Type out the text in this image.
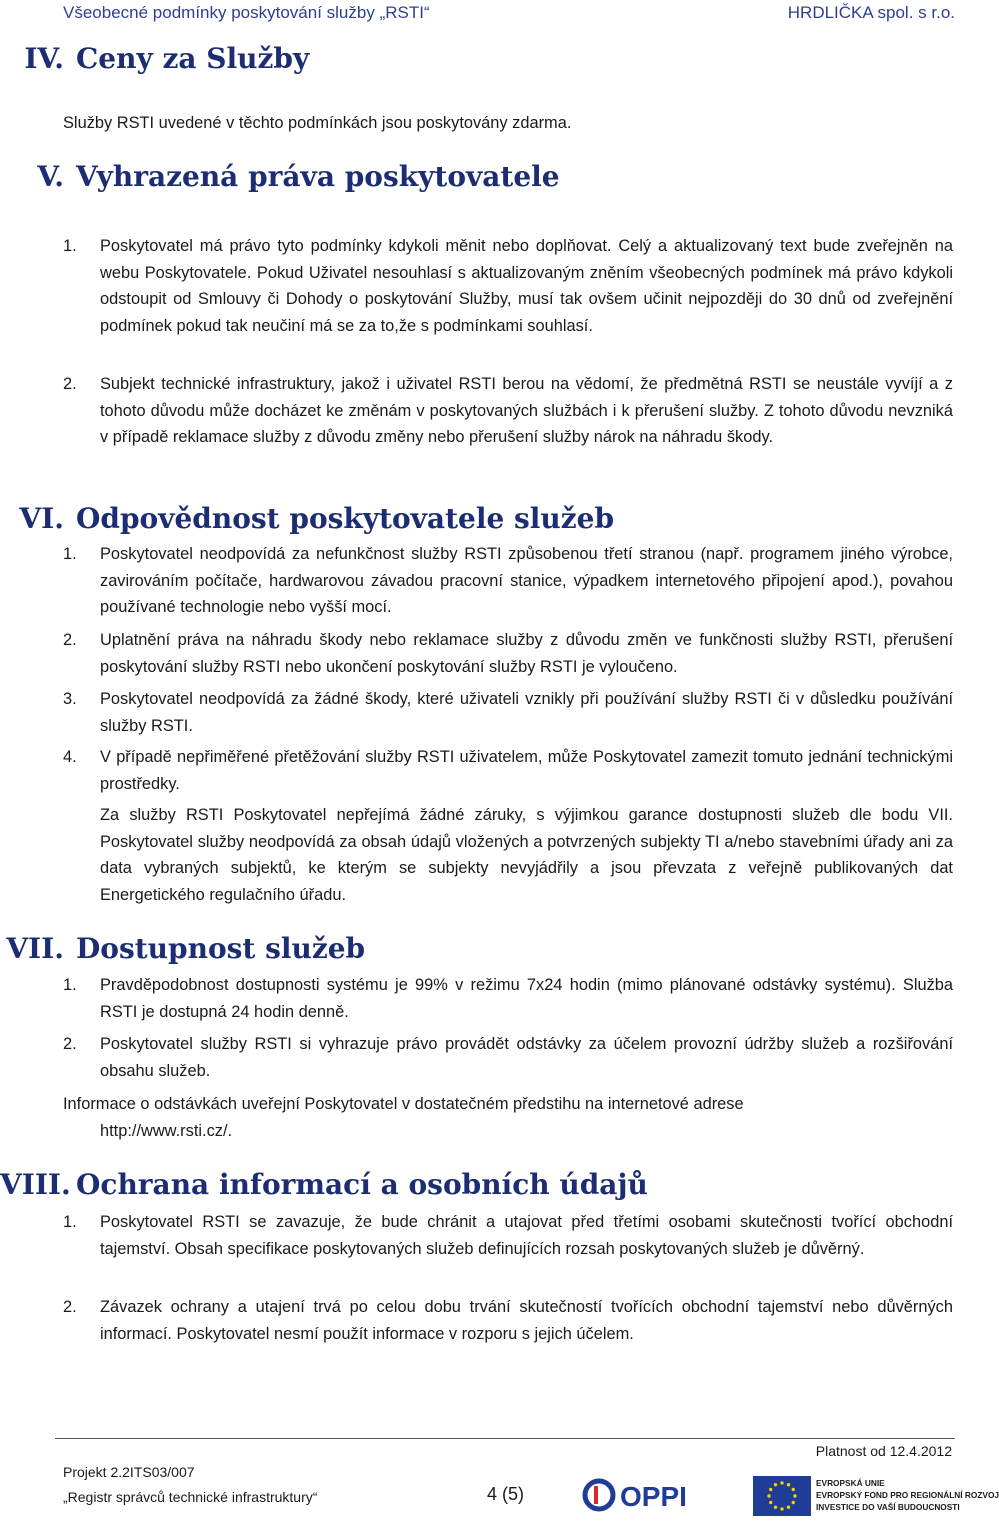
Všeobecné podmínky poskytování služby „RSTI“	HRDLIČKA spol. s r.o.
IV. Ceny za Služby

Služby RSTI uvedené v těchto podmínkách jsou poskytovány zdarma.

V. Vyhrazená práva poskytovatele
1. Poskytovatel má právo tyto podmínky kdykoli měnit nebo doplňovat. Celý a aktualizovaný text bude zveřejněn na webu Poskytovatele. Pokud Uživatel nesouhlasí s aktualizovaným zněním všeobecných podmínek má právo kdykoli odstoupit od Smlouvy či Dohody o poskytování Služby, musí tak ovšem učinit nejpozději do 30 dnů od zveřejnění podmínek pokud tak neučiní má se za to,že s podmínkami souhlasí.
2. Subjekt technické infrastruktury, jakož i uživatel RSTI berou na vědomí, že předmětná RSTI se neustále vyvíjí a z tohoto důvodu může docházet ke změnám v poskytovaných službách i k přerušení služby. Z tohoto důvodu nevzniká v případě reklamace služby z důvodu změny nebo přerušení služby nárok na náhradu škody.
VI. Odpovědnost poskytovatele služeb
1. Poskytovatel neodpovídá za nefunkčnost služby RSTI způsobenou třetí stranou (např. programem jiného výrobce, zavirováním počítače, hardwarovou závadou pracovní stanice, výpadkem internetového připojení apod.), povahou používané technologie nebo vyšší mocí.
2. Uplatnění práva na náhradu škody nebo reklamace služby z důvodu změn ve funkčnosti služby RSTI, přerušení poskytování služby RSTI nebo ukončení poskytování služby RSTI je vyloučeno.
3. Poskytovatel neodpovídá za žádné škody, které uživateli vznikly při používání služby RSTI či v důsledku používání služby RSTI.
4. V případě nepřiměřené přetěžování služby RSTI uživatelem, může Poskytovatel zamezit tomuto jednání technickými prostředky.

Za služby RSTI Poskytovatel nepřejímá žádné záruky, s výjimkou garance dostupnosti služeb dle bodu VII. Poskytovatel služby neodpovídá za obsah údajů vložených a potvrzených subjekty TI a/nebo stavebními úřady ani za data vybraných subjektů, ke kterým se subjekty nevyjádřily a jsou převzata z veřejně publikovaných dat Energetického regulačního úřadu.

VII. Dostupnost služeb
1. Pravděpodobnost dostupnosti systému je 99% v režimu 7x24 hodin (mimo plánované odstávky systému). Služba RSTI je dostupná 24 hodin denně.
2. Poskytovatel služby RSTI si vyhrazuje právo provádět odstávky za účelem provozní údržby služeb a rozšiřování obsahu služeb.

Informace o odstávkách uveřejní Poskytovatel v dostatečném předstihu na internetové adrese
http://www.rsti.cz/.

VIII. Ochrana informací a osobních údajů
1. Poskytovatel RSTI se zavazuje, že bude chránit a utajovat před třetími osobami skutečnosti tvořící obchodní tajemství. Obsah specifikace poskytovaných služeb definujících rozsah poskytovaných služeb je důvěrný.
2. Závazek ochrany a utajení trvá po celou dobu trvání skutečností tvořících obchodní tajemství nebo důvěrných informací. Poskytovatel nesmí použít informace v rozporu s jejich účelem.
Platnost od 12.4.2012
Projekt 2.2ITS03/007
„Registr správců technické infrastruktury“	4 (5)	OPPI	EVROPSKÁ UNIE
EVROPSKÝ FOND PRO REGIONÁLNÍ ROZVOJ
INVESTICE DO VAŠÍ BUDOUCNOSTI
